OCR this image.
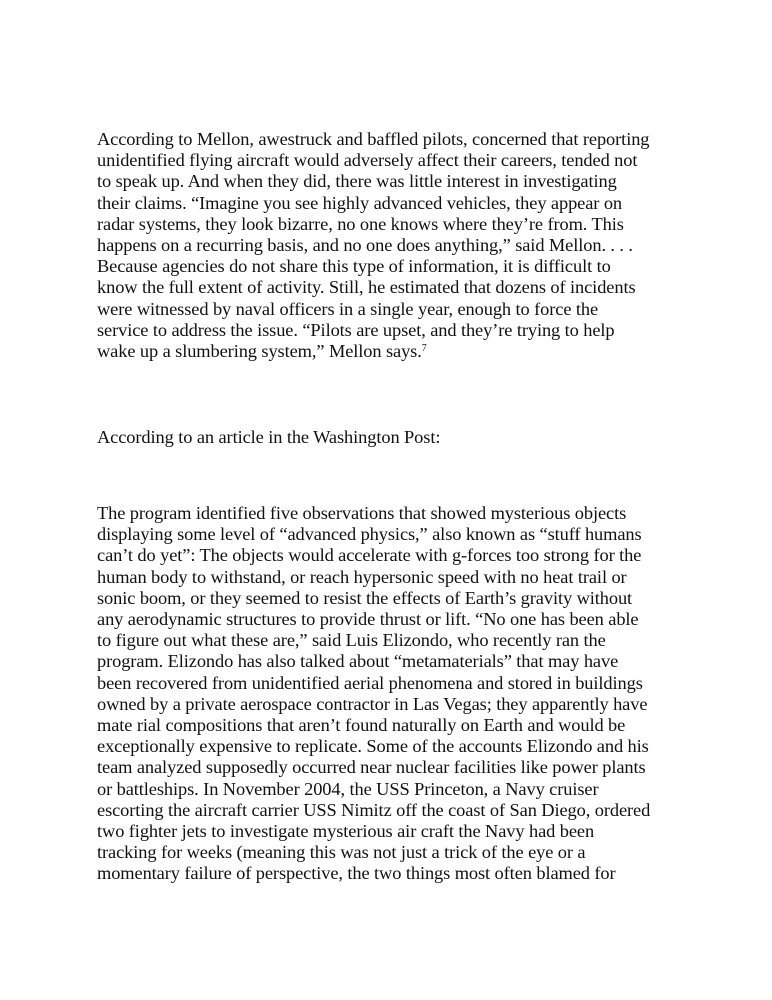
According to Mellon, awestruck and baffled pilots, concerned that reporting
unidentified flying aircraft would adversely affect their careers, tended not
to speak up. And when they did, there was little interest in investigating
their claims. “Imagine you see highly advanced vehicles, they appear on
radar systems, they look bizarre, no one knows where they’re from. This
happens on a recurring basis, and no one does anything,” said Mellon. . . .
Because agencies do not share this type of information, it is difficult to
know the full extent of activity. Still, he estimated that dozens of incidents
were witnessed by naval officers in a single year, enough to force the
service to address the issue. “Pilots are upset, and they’re trying to help
wake up a slumbering system,” Mellon says.$^7$
According to an article in the Washington Post:
The program identified five observations that showed mysterious objects
displaying some level of “advanced physics,” also known as “stuff humans
can’t do yet”: The objects would accelerate with g-forces too strong for the
human body to withstand, or reach hypersonic speed with no heat trail or
sonic boom, or they seemed to resist the effects of Earth’s gravity without
any aerodynamic structures to provide thrust or lift. “No one has been able
to figure out what these are,” said Luis Elizondo, who recently ran the
program. Elizondo has also talked about “metamaterials” that may have
been recovered from unidentified aerial phenomena and stored in buildings
owned by a private aerospace contractor in Las Vegas; they apparently have
mate rial compositions that aren’t found naturally on Earth and would be
exceptionally expensive to replicate. Some of the accounts Elizondo and his
team analyzed supposedly occurred near nuclear facilities like power plants
or battleships. In November 2004, the USS Princeton, a Navy cruiser
escorting the aircraft carrier USS Nimitz off the coast of San Diego, ordered
two fighter jets to investigate mysterious air craft the Navy had been
tracking for weeks (meaning this was not just a trick of the eye or a
momentary failure of perspective, the two things most often blamed for
